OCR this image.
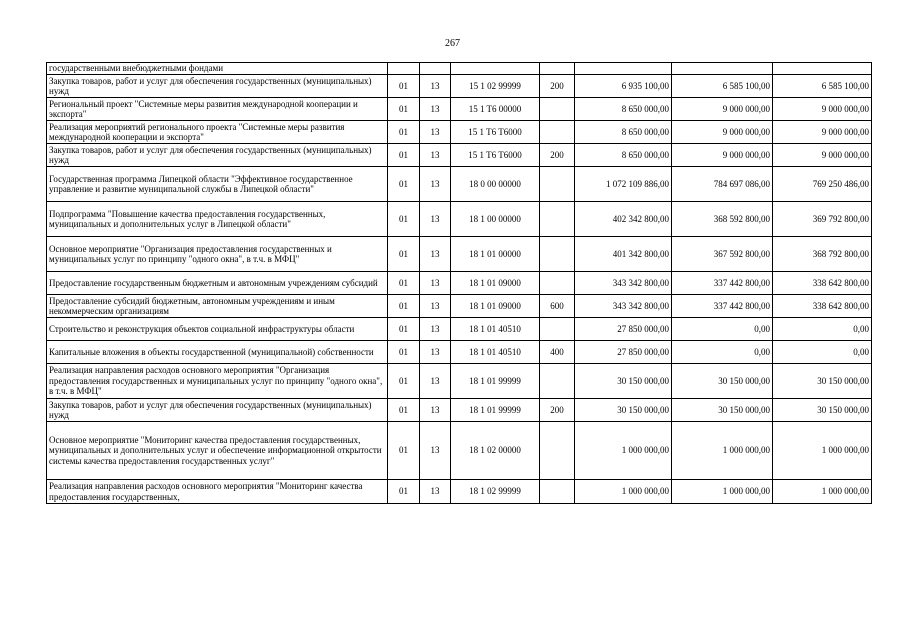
267
государственными внебюджетными фондами							
Закупка товаров, работ и услуг для обеспечения государственных (муниципальных) нужд	01	13	15 1 02 99999	200	6 935 100,00	6 585 100,00	6 585 100,00
Региональный проект "Системные меры развития международной кооперации и экспорта"	01	13	15 1 T6 00000		8 650 000,00	9 000 000,00	9 000 000,00
Реализация мероприятий регионального проекта "Системные меры развития международной кооперации и экспорта"	01	13	15 1 T6 T6000		8 650 000,00	9 000 000,00	9 000 000,00
Закупка товаров, работ и услуг для обеспечения государственных (муниципальных) нужд	01	13	15 1 T6 T6000	200	8 650 000,00	9 000 000,00	9 000 000,00
Государственная программа Липецкой области "Эффективное государственное управление и развитие муниципальной службы в Липецкой области"	01	13	18 0 00 00000		1 072 109 886,00	784 697 086,00	769 250 486,00
Подпрограмма "Повышение качества предоставления государственных, муниципальных и дополнительных услуг в Липецкой области"	01	13	18 1 00 00000		402 342 800,00	368 592 800,00	369 792 800,00
Основное мероприятие "Организация предоставления государственных и муниципальных услуг по принципу "одного окна", в т.ч. в МФЦ"	01	13	18 1 01 00000		401 342 800,00	367 592 800,00	368 792 800,00
Предоставление государственным бюджетным и автономным учреждениям субсидий	01	13	18 1 01 09000		343 342 800,00	337 442 800,00	338 642 800,00
Предоставление субсидий бюджетным, автономным учреждениям и иным некоммерческим организациям	01	13	18 1 01 09000	600	343 342 800,00	337 442 800,00	338 642 800,00
Строительство и реконструкция объектов социальной инфраструктуры области	01	13	18 1 01 40510		27 850 000,00	0,00	0,00
Капитальные вложения в объекты государственной (муниципальной) собственности	01	13	18 1 01 40510	400	27 850 000,00	0,00	0,00
Реализация направления расходов основного мероприятия "Организация предоставления государственных и муниципальных услуг по принципу "одного окна", в т.ч. в МФЦ"	01	13	18 1 01 99999		30 150 000,00	30 150 000,00	30 150 000,00
Закупка товаров, работ и услуг для обеспечения государственных (муниципальных) нужд	01	13	18 1 01 99999	200	30 150 000,00	30 150 000,00	30 150 000,00
Основное мероприятие "Мониторинг качества предоставления государственных, муниципальных и дополнительных услуг и обеспечение информационной открытости системы качества предоставления государственных услуг"	01	13	18 1 02 00000		1 000 000,00	1 000 000,00	1 000 000,00
Реализация направления расходов основного мероприятия "Мониторинг качества предоставления государственных,	01	13	18 1 02 99999		1 000 000,00	1 000 000,00	1 000 000,00
